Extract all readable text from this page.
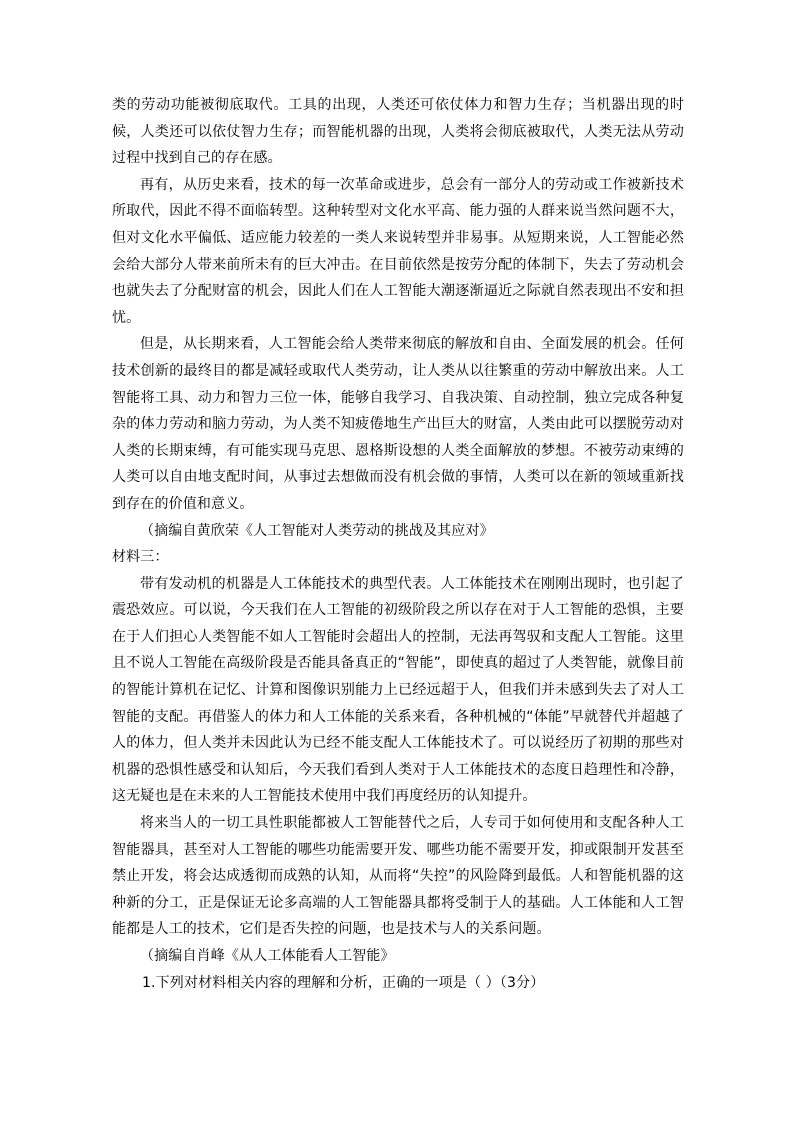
类的劳动功能被彻底取代。工具的出现，人类还可依仗体力和智力生存；当机器出现的时候，人类还可以依仗智力生存；而智能机器的出现，人类将会彻底被取代，人类无法从劳动过程中找到自己的存在感。

再有，从历史来看，技术的每一次革命或进步，总会有一部分人的劳动或工作被新技术所取代，因此不得不面临转型。这种转型对文化水平高、能力强的人群来说当然问题不大，但对文化水平偏低、适应能力较差的一类人来说转型并非易事。从短期来说，人工智能必然会给大部分人带来前所未有的巨大冲击。在目前依然是按劳分配的体制下，失去了劳动机会也就失去了分配财富的机会，因此人们在人工智能大潮逐渐逼近之际就自然表现出不安和担忧。

但是，从长期来看，人工智能会给人类带来彻底的解放和自由、全面发展的机会。任何技术创新的最终目的都是减轻或取代人类劳动，让人类从以往繁重的劳动中解放出来。人工智能将工具、动力和智力三位一体，能够自我学习、自我决策、自动控制，独立完成各种复杂的体力劳动和脑力劳动，为人类不知疲倦地生产出巨大的财富，人类由此可以摆脱劳动对人类的长期束缚，有可能实现马克思、恩格斯设想的人类全面解放的梦想。不被劳动束缚的人类可以自由地支配时间，从事过去想做而没有机会做的事情，人类可以在新的领域重新找到存在的价值和意义。

（摘编自黄欣荣《人工智能对人类劳动的挑战及其应对》

材料三：

带有发动机的机器是人工体能技术的典型代表。人工体能技术在刚刚出现时，也引起了震恐效应。可以说，今天我们在人工智能的初级阶段之所以存在对于人工智能的恐惧，主要在于人们担心人类智能不如人工智能时会超出人的控制，无法再驾驭和支配人工智能。这里且不说人工智能在高级阶段是否能具备真正的“智能”，即使真的超过了人类智能，就像目前的智能计算机在记忆、计算和图像识别能力上已经远超于人，但我们并未感到失去了对人工智能的支配。再借鉴人的体力和人工体能的关系来看，各种机械的“体能”早就替代并超越了人的体力，但人类并未因此认为已经不能支配人工体能技术了。可以说经历了初期的那些对机器的恐惧性感受和认知后，今天我们看到人类对于人工体能技术的态度日趋理性和冷静，这无疑也是在未来的人工智能技术使用中我们再度经历的认知提升。

将来当人的一切工具性职能都被人工智能替代之后，人专司于如何使用和支配各种人工智能器具，甚至对人工智能的哪些功能需要开发、哪些功能不需要开发，抑或限制开发甚至禁止开发，将会达成透彻而成熟的认知，从而将“失控”的风险降到最低。人和智能机器的这种新的分工，正是保证无论多高端的人工智能器具都将受制于人的基础。人工体能和人工智能都是人工的技术，它们是否失控的问题，也是技术与人的关系问题。

（摘编自肖峰《从人工体能看人工智能》

1.下列对材料相关内容的理解和分析，正确的一项是（ ）（3分）
